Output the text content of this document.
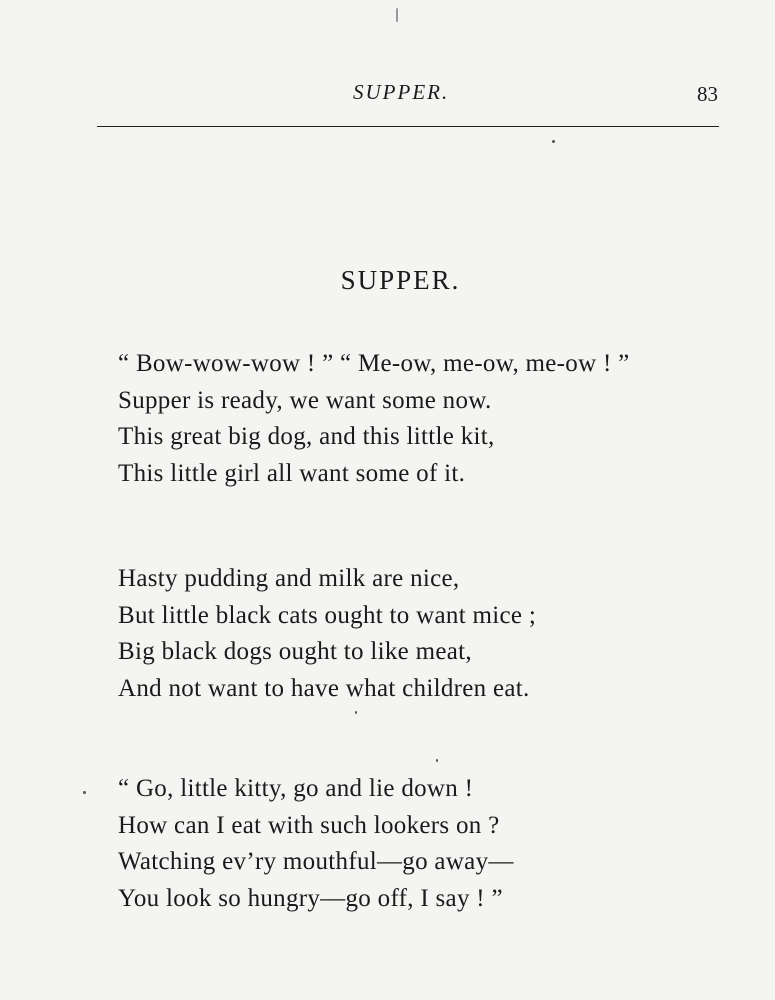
SUPPER.	83
SUPPER.
“ Bow-wow-wow ! ” “ Me-ow, me-ow, me-ow ! ”
Supper is ready, we want some now.
This great big dog, and this little kit,
This little girl all want some of it.
Hasty pudding and milk are nice,
But little black cats ought to want mice ;
Big black dogs ought to like meat,
And not want to have what children eat.
“ Go, little kitty, go and lie down !
How can I eat with such lookers on ?
Watching ev’ry mouthful—go away—
You look so hungry—go off, I say ! ”
